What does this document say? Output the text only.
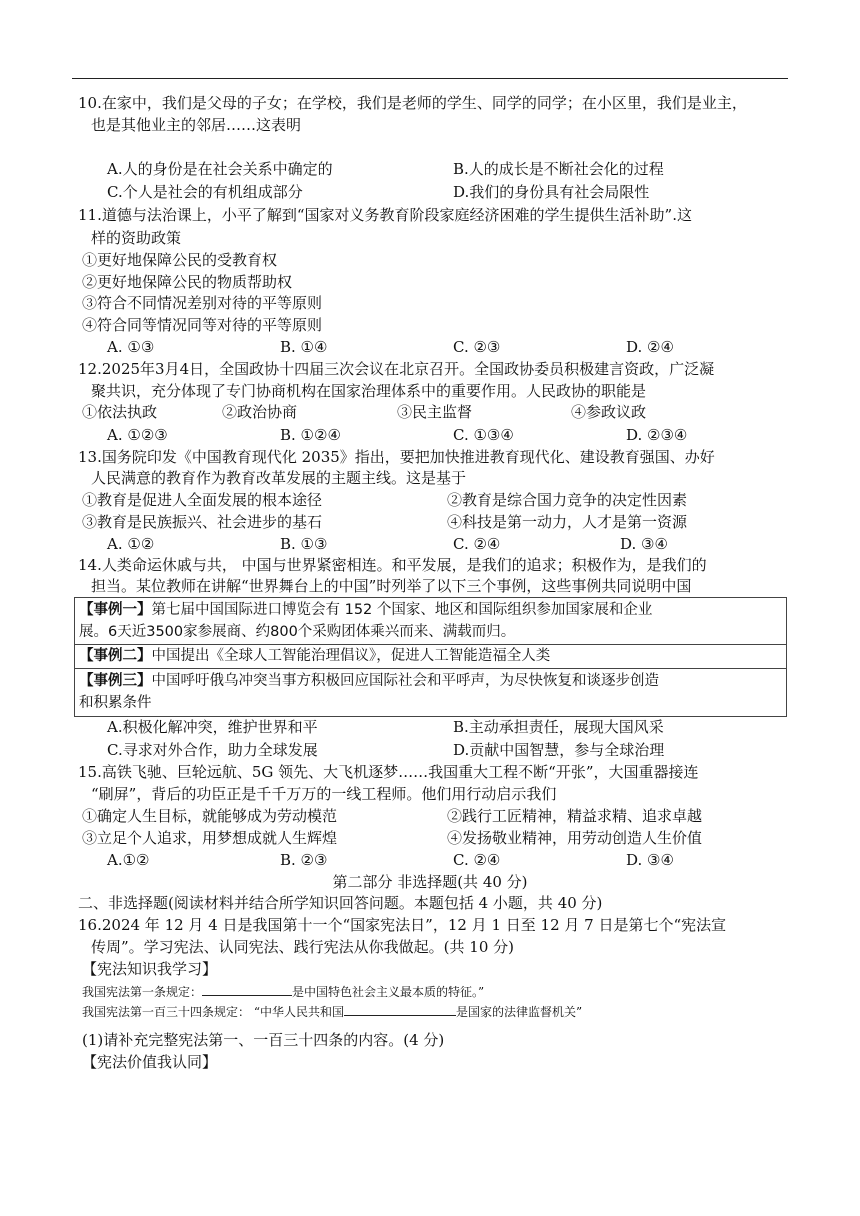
10.在家中，我们是父母的子女；在学校，我们是老师的学生、同学的同学；在小区里，我们是业主，
也是其他业主的邻居……这表明
A.人的身份是在社会关系中确定的	B.人的成长是不断社会化的过程
C.个人是社会的有机组成部分	D.我们的身份具有社会局限性
11.道德与法治课上，小平了解到“国家对义务教育阶段家庭经济困难的学生提供生活补助”.这
样的资助政策
①更好地保障公民的受教育权
②更好地保障公民的物质帮助权
③符合不同情况差别对待的平等原则
④符合同等情况同等对待的平等原则
A. ①③	B. ①④	C. ②③	D. ②④
12.2025年3月4日，全国政协十四届三次会议在北京召开。全国政协委员积极建言资政，广泛凝
聚共识，充分体现了专门协商机构在国家治理体系中的重要作用。人民政协的职能是
①依法执政	②政治协商	③民主监督	④参政议政
A. ①②③	B. ①②④	C. ①③④	D. ②③④
13.国务院印发《中国教育现代化 2035》指出，要把加快推进教育现代化、建设教育强国、办好
人民满意的教育作为教育改革发展的主题主线。这是基于
①教育是促进人全面发展的根本途径	②教育是综合国力竞争的决定性因素
③教育是民族振兴、社会进步的基石	④科技是第一动力，人才是第一资源
A. ①②	B. ①③	C. ②④	D. ③④
14.人类命运休戚与共， 中国与世界紧密相连。和平发展，是我们的追求；积极作为，是我们的
担当。某位教师在讲解“世界舞台上的中国”时列举了以下三个事例，这些事例共同说明中国
【事例一】第七届中国国际进口博览会有 152 个国家、地区和国际组织参加国家展和企业
展。6天近3500家参展商、约800个采购团体乘兴而来、满载而归。
【事例二】中国提出《全球人工智能治理倡议》，促进人工智能造福全人类
【事例三】中国呼吁俄乌冲突当事方积极回应国际社会和平呼声，为尽快恢复和谈逐步创造
和积累条件
A.积极化解冲突，维护世界和平	B.主动承担责任，展现大国风采
C.寻求对外合作，助力全球发展	D.贡献中国智慧，参与全球治理
15.高铁飞驰、巨轮远航、5G 领先、大飞机逐梦……我国重大工程不断“开张”，大国重器接连
“刷屏”，背后的功臣正是千千万万的一线工程师。他们用行动启示我们
①确定人生目标，就能够成为劳动模范	②践行工匠精神，精益求精、追求卓越
③立足个人追求，用梦想成就人生辉煌	④发扬敬业精神，用劳动创造人生价值
A.①②	B. ②③	C. ②④	D. ③④
第二部分 非选择题(共 40 分)
二、非选择题(阅读材料并结合所学知识回答问题。本题包括 4 小题，共 40 分)
16.2024 年 12 月 4 日是我国第十一个“国家宪法日”，12 月 1 日至 12 月 7 日是第七个“宪法宣
传周”。学习宪法、认同宪法、践行宪法从你我做起。(共 10 分)
【宪法知识我学习】
我国宪法第一条规定：	是中国特色社会主义最本质的特征。”
我国宪法第一百三十四条规定： “中华人民共和国	是国家的法律监督机关”
(1)请补充完整宪法第一、一百三十四条的内容。(4 分)
【宪法价值我认同】
